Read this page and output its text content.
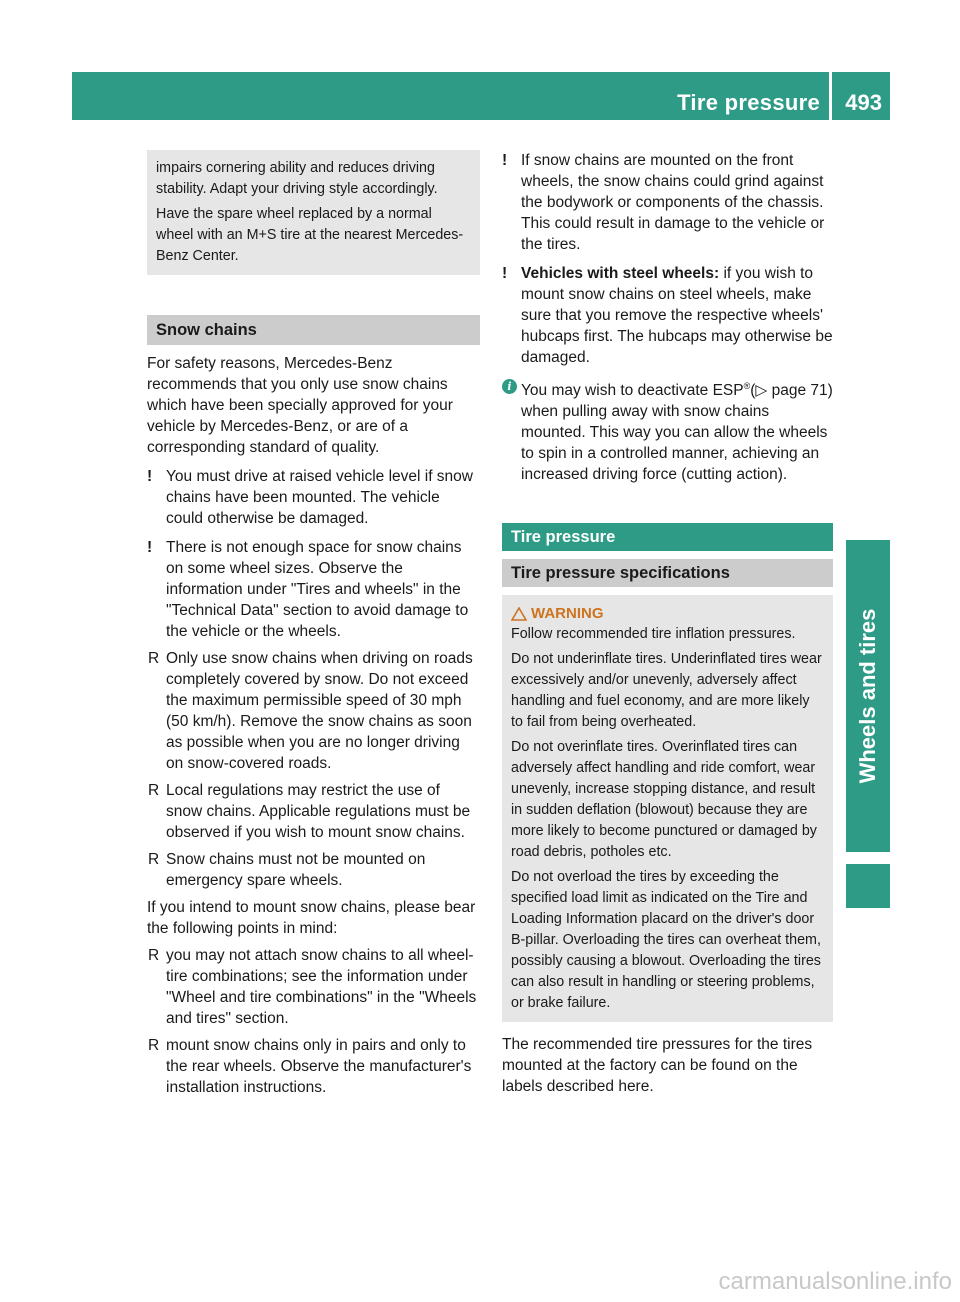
Tire pressure 493
Wheels and tires

impairs cornering ability and reduces driving stability. Adapt your driving style accordingly.

Have the spare wheel replaced by a normal wheel with an M+S tire at the nearest Mercedes-Benz Center.

Snow chains

For safety reasons, Mercedes-Benz recommends that you only use snow chains which have been specially approved for your vehicle by Mercedes-Benz, or are of a corresponding standard of quality.

! You must drive at raised vehicle level if snow chains have been mounted. The vehicle could otherwise be damaged.
! There is not enough space for snow chains on some wheel sizes. Observe the information under "Tires and wheels" in the "Technical Data" section to avoid damage to the vehicle or the wheels.
R Only use snow chains when driving on roads completely covered by snow. Do not exceed the maximum permissible speed of 30 mph (50 km/h). Remove the snow chains as soon as possible when you are no longer driving on snow-covered roads.
R Local regulations may restrict the use of snow chains. Applicable regulations must be observed if you wish to mount snow chains.
R Snow chains must not be mounted on emergency spare wheels.

If you intend to mount snow chains, please bear the following points in mind:

R you may not attach snow chains to all wheel-tire combinations; see the information under "Wheel and tire combinations" in the "Wheels and tires" section.
R mount snow chains only in pairs and only to the rear wheels. Observe the manufacturer's installation instructions.
! If snow chains are mounted on the front wheels, the snow chains could grind against the bodywork or components of the chassis. This could result in damage to the vehicle or the tires.
! Vehicles with steel wheels: if you wish to mount snow chains on steel wheels, make sure that you remove the respective wheels' hubcaps first. The hubcaps may otherwise be damaged.
i You may wish to deactivate ESP®(▷ page 71) when pulling away with snow chains mounted. This way you can allow the wheels to spin in a controlled manner, achieving an increased driving force (cutting action).
Tire pressure
Tire pressure specifications
WARNING

Follow recommended tire inflation pressures.

Do not underinflate tires. Underinflated tires wear excessively and/or unevenly, adversely affect handling and fuel economy, and are more likely to fail from being overheated.

Do not overinflate tires. Overinflated tires can adversely affect handling and ride comfort, wear unevenly, increase stopping distance, and result in sudden deflation (blowout) because they are more likely to become punctured or damaged by road debris, potholes etc.

Do not overload the tires by exceeding the specified load limit as indicated on the Tire and Loading Information placard on the driver's door B-pillar. Overloading the tires can overheat them, possibly causing a blowout. Overloading the tires can also result in handling or steering problems, or brake failure.

The recommended tire pressures for the tires mounted at the factory can be found on the labels described here.

carmanualsonline.info
